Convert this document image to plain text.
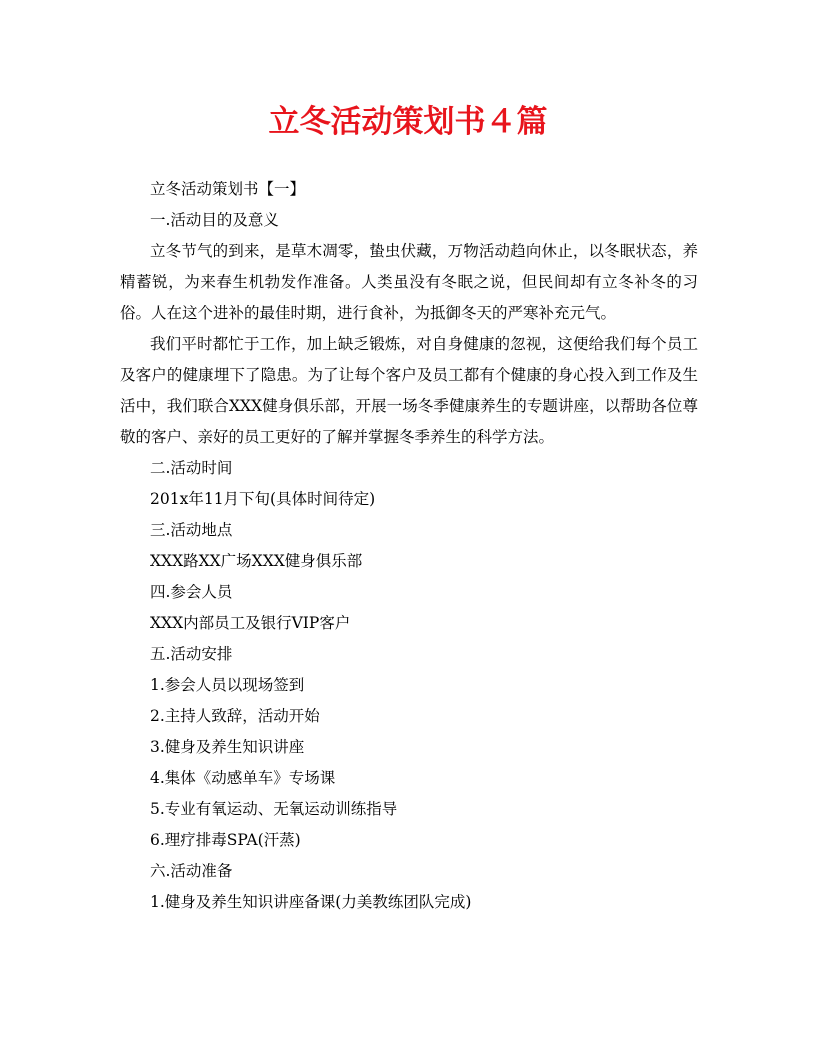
立冬活动策划书４篇
立冬活动策划书【一】
一.活动目的及意义

立冬节气的到来，是草木凋零，蛰虫伏藏，万物活动趋向休止，以冬眠状态，养精蓄锐，为来春生机勃发作准备。人类虽没有冬眠之说，但民间却有立冬补冬的习俗。人在这个进补的最佳时期，进行食补，为抵御冬天的严寒补充元气。

我们平时都忙于工作，加上缺乏锻炼，对自身健康的忽视，这便给我们每个员工及客户的健康埋下了隐患。为了让每个客户及员工都有个健康的身心投入到工作及生活中，我们联合XXX健身俱乐部，开展一场冬季健康养生的专题讲座，以帮助各位尊敬的客户、亲好的员工更好的了解并掌握冬季养生的科学方法。

二.活动时间
201x年11月下旬(具体时间待定)
三.活动地点
XXX路XX广场XXX健身俱乐部
四.参会人员
XXX内部员工及银行VIP客户
五.活动安排
1.参会人员以现场签到
2.主持人致辞，活动开始
3.健身及养生知识讲座
4.集体《动感单车》专场课
5.专业有氧运动、无氧运动训练指导
6.理疗排毒SPA(汗蒸)
六.活动准备
1.健身及养生知识讲座备课(力美教练团队完成)
